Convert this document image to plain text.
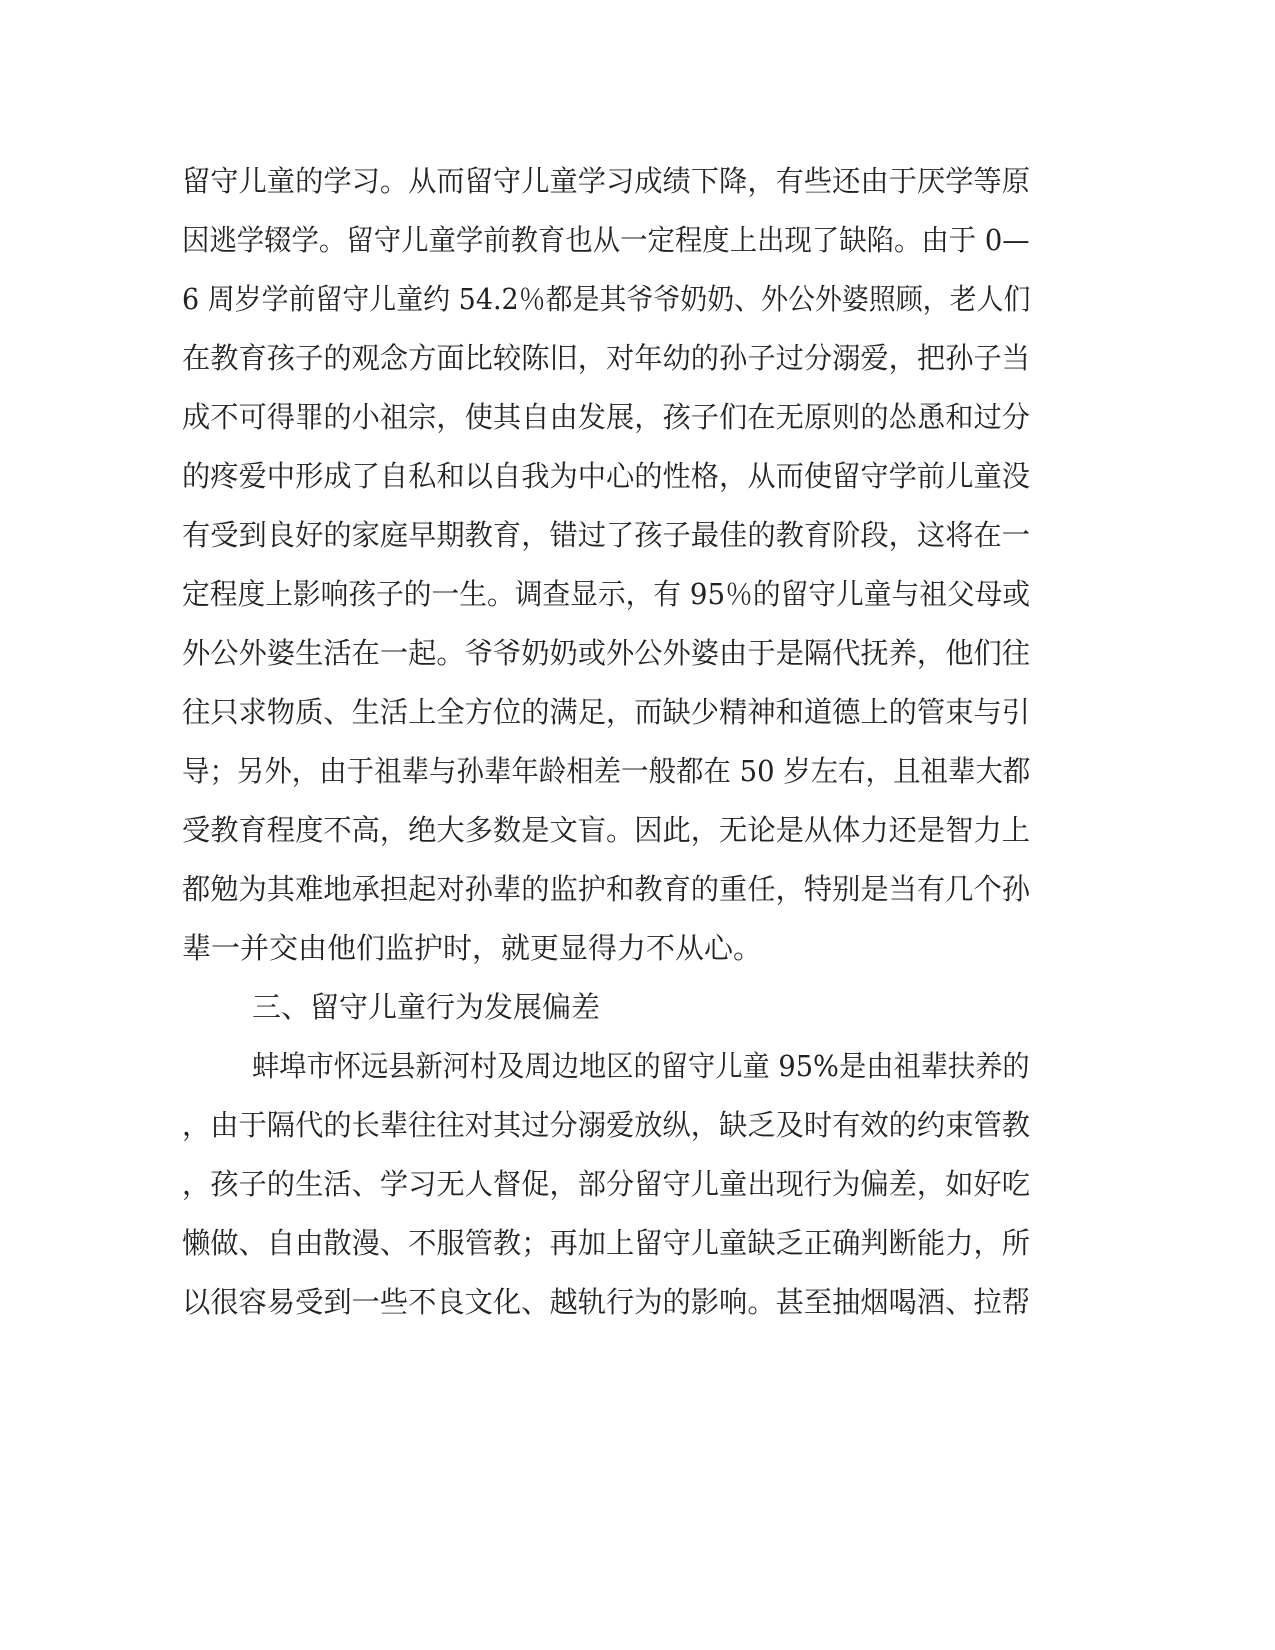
留守儿童的学习。从而留守儿童学习成绩下降，有些还由于厌学等原

因逃学辍学。留守儿童学前教育也从一定程度上出现了缺陷。由于 0—

6 周岁学前留守儿童约 54.2％都是其爷爷奶奶、外公外婆照顾，老人们

在教育孩子的观念方面比较陈旧，对年幼的孙子过分溺爱，把孙子当

成不可得罪的小祖宗，使其自由发展，孩子们在无原则的怂恿和过分

的疼爱中形成了自私和以自我为中心的性格，从而使留守学前儿童没

有受到良好的家庭早期教育，错过了孩子最佳的教育阶段，这将在一

定程度上影响孩子的一生。调查显示，有 95％的留守儿童与祖父母或

外公外婆生活在一起。爷爷奶奶或外公外婆由于是隔代抚养，他们往

往只求物质、生活上全方位的满足，而缺少精神和道德上的管束与引

导；另外，由于祖辈与孙辈年龄相差一般都在 50 岁左右，且祖辈大都

受教育程度不高，绝大多数是文盲。因此，无论是从体力还是智力上

都勉为其难地承担起对孙辈的监护和教育的重任，特别是当有几个孙

辈一并交由他们监护时，就更显得力不从心。

三、留守儿童行为发展偏差

蚌埠市怀远县新河村及周边地区的留守儿童 95%是由祖辈扶养的

，由于隔代的长辈往往对其过分溺爱放纵，缺乏及时有效的约束管教

，孩子的生活、学习无人督促，部分留守儿童出现行为偏差，如好吃

懒做、自由散漫、不服管教；再加上留守儿童缺乏正确判断能力，所

以很容易受到一些不良文化、越轨行为的影响。甚至抽烟喝酒、拉帮
